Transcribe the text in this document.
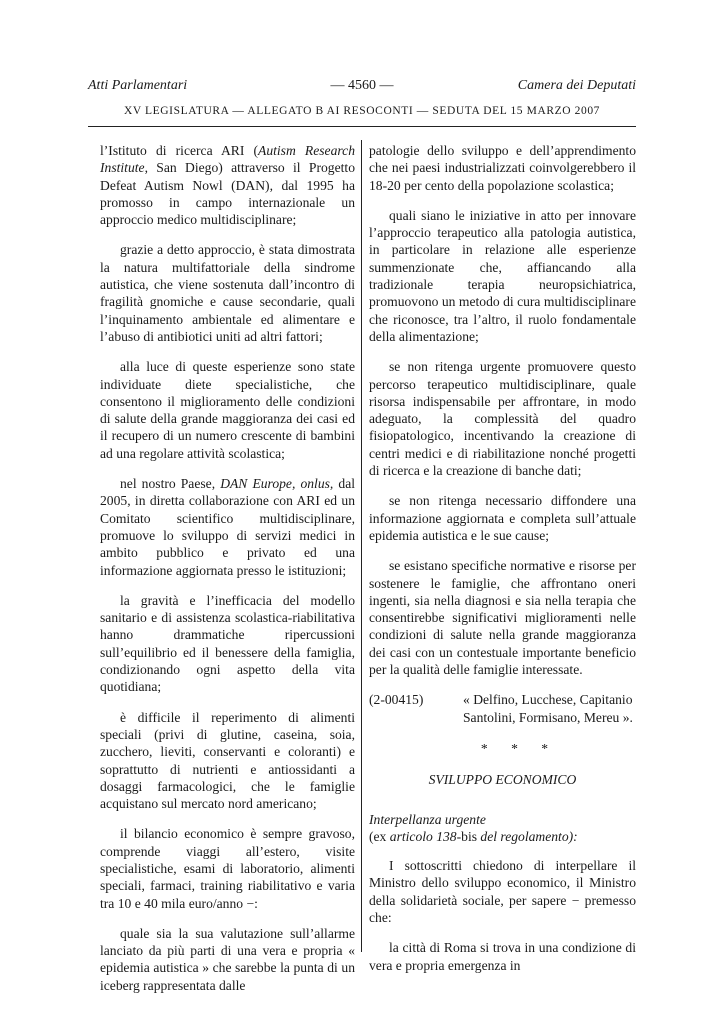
Atti Parlamentari	— 4560 —	Camera dei Deputati
XV LEGISLATURA — ALLEGATO B AI RESOCONTI — SEDUTA DEL 15 MARZO 2007

l’Istituto di ricerca ARI (Autism Research Institute, San Diego) attraverso il Progetto Defeat Autism Nowl (DAN), dal 1995 ha promosso in campo internazionale un approccio medico multidisciplinare;

grazie a detto approccio, è stata dimostrata la natura multifattoriale della sindrome autistica, che viene sostenuta dall’incontro di fragilità gnomiche e cause secondarie, quali l’inquinamento ambientale ed alimentare e l’abuso di antibiotici uniti ad altri fattori;

alla luce di queste esperienze sono state individuate diete specialistiche, che consentono il miglioramento delle condizioni di salute della grande maggioranza dei casi ed il recupero di un numero crescente di bambini ad una regolare attività scolastica;

nel nostro Paese, DAN Europe, onlus, dal 2005, in diretta collaborazione con ARI ed un Comitato scientifico multidisciplinare, promuove lo sviluppo di servizi medici in ambito pubblico e privato ed una informazione aggiornata presso le istituzioni;

la gravità e l’inefficacia del modello sanitario e di assistenza scolastica-riabilitativa hanno drammatiche ripercussioni sull’equilibrio ed il benessere della famiglia, condizionando ogni aspetto della vita quotidiana;

è difficile il reperimento di alimenti speciali (privi di glutine, caseina, soia, zucchero, lieviti, conservanti e coloranti) e soprattutto di nutrienti e antiossidanti a dosaggi farmacologici, che le famiglie acquistano sul mercato nord americano;

il bilancio economico è sempre gravoso, comprende viaggi all’estero, visite specialistiche, esami di laboratorio, alimenti speciali, farmaci, training riabilitativo e varia tra 10 e 40 mila euro/anno −:

quale sia la sua valutazione sull’allarme lanciato da più parti di una vera e propria « epidemia autistica » che sarebbe la punta di un iceberg rappresentata dalle

patologie dello sviluppo e dell’apprendimento che nei paesi industrializzati coinvolgerebbero il 18-20 per cento della popolazione scolastica;

quali siano le iniziative in atto per innovare l’approccio terapeutico alla patologia autistica, in particolare in relazione alle esperienze summenzionate che, affiancando alla tradizionale terapia neuropsichiatrica, promuovono un metodo di cura multidisciplinare che riconosce, tra l’altro, il ruolo fondamentale della alimentazione;

se non ritenga urgente promuovere questo percorso terapeutico multidisciplinare, quale risorsa indispensabile per affrontare, in modo adeguato, la complessità del quadro fisiopatologico, incentivando la creazione di centri medici e di riabilitazione nonché progetti di ricerca e la creazione di banche dati;

se non ritenga necessario diffondere una informazione aggiornata e completa sull’attuale epidemia autistica e le sue cause;

se esistano specifiche normative e risorse per sostenere le famiglie, che affrontano oneri ingenti, sia nella diagnosi e sia nella terapia che consentirebbe significativi miglioramenti nelle condizioni di salute nella grande maggioranza dei casi con un contestuale importante beneficio per la qualità delle famiglie interessate.

(2-00415)	« Delfino, Lucchese, Capitanio
Santolini, Formisano, Mereu ».
* * *
SVILUPPO ECONOMICO
Interpellanza urgente
(ex articolo 138-bis del regolamento):

I sottoscritti chiedono di interpellare il Ministro dello sviluppo economico, il Ministro della solidarietà sociale, per sapere − premesso che:

la città di Roma si trova in una condizione di vera e propria emergenza in
